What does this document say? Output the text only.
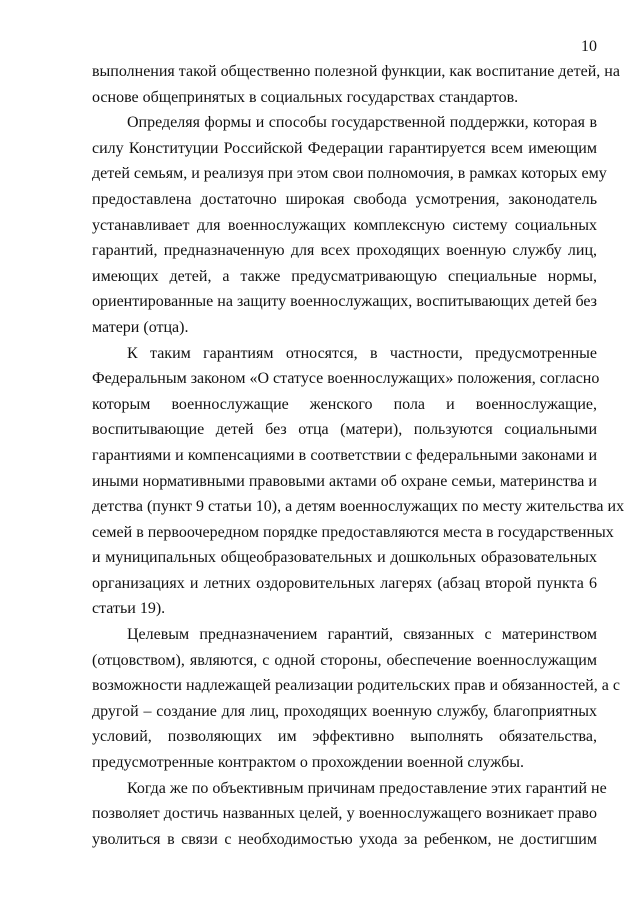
10
выполнения такой общественно полезной функции, как воспитание детей, на
основе общепринятых в социальных государствах стандартов.
Определяя формы и способы государственной поддержки, которая в
силу Конституции Российской Федерации гарантируется всем имеющим
детей семьям, и реализуя при этом свои полномочия, в рамках которых ему
предоставлена достаточно широкая свобода усмотрения, законодатель
устанавливает для военнослужащих комплексную систему социальных
гарантий, предназначенную для всех проходящих военную службу лиц,
имеющих детей, а также предусматривающую специальные нормы,
ориентированные на защиту военнослужащих, воспитывающих детей без
матери (отца).
К таким гарантиям относятся, в частности, предусмотренные
Федеральным законом «О статусе военнослужащих» положения, согласно
которым военнослужащие женского пола и военнослужащие,
воспитывающие детей без отца (матери), пользуются социальными
гарантиями и компенсациями в соответствии с федеральными законами и
иными нормативными правовыми актами об охране семьи, материнства и
детства (пункт 9 статьи 10), а детям военнослужащих по месту жительства их
семей в первоочередном порядке предоставляются места в государственных
и муниципальных общеобразовательных и дошкольных образовательных
организациях и летних оздоровительных лагерях (абзац второй пункта 6
статьи 19).
Целевым предназначением гарантий, связанных с материнством
(отцовством), являются, с одной стороны, обеспечение военнослужащим
возможности надлежащей реализации родительских прав и обязанностей, а с
другой – создание для лиц, проходящих военную службу, благоприятных
условий, позволяющих им эффективно выполнять обязательства,
предусмотренные контрактом о прохождении военной службы.
Когда же по объективным причинам предоставление этих гарантий не
позволяет достичь названных целей, у военнослужащего возникает право
уволиться в связи с необходимостью ухода за ребенком, не достигшим
